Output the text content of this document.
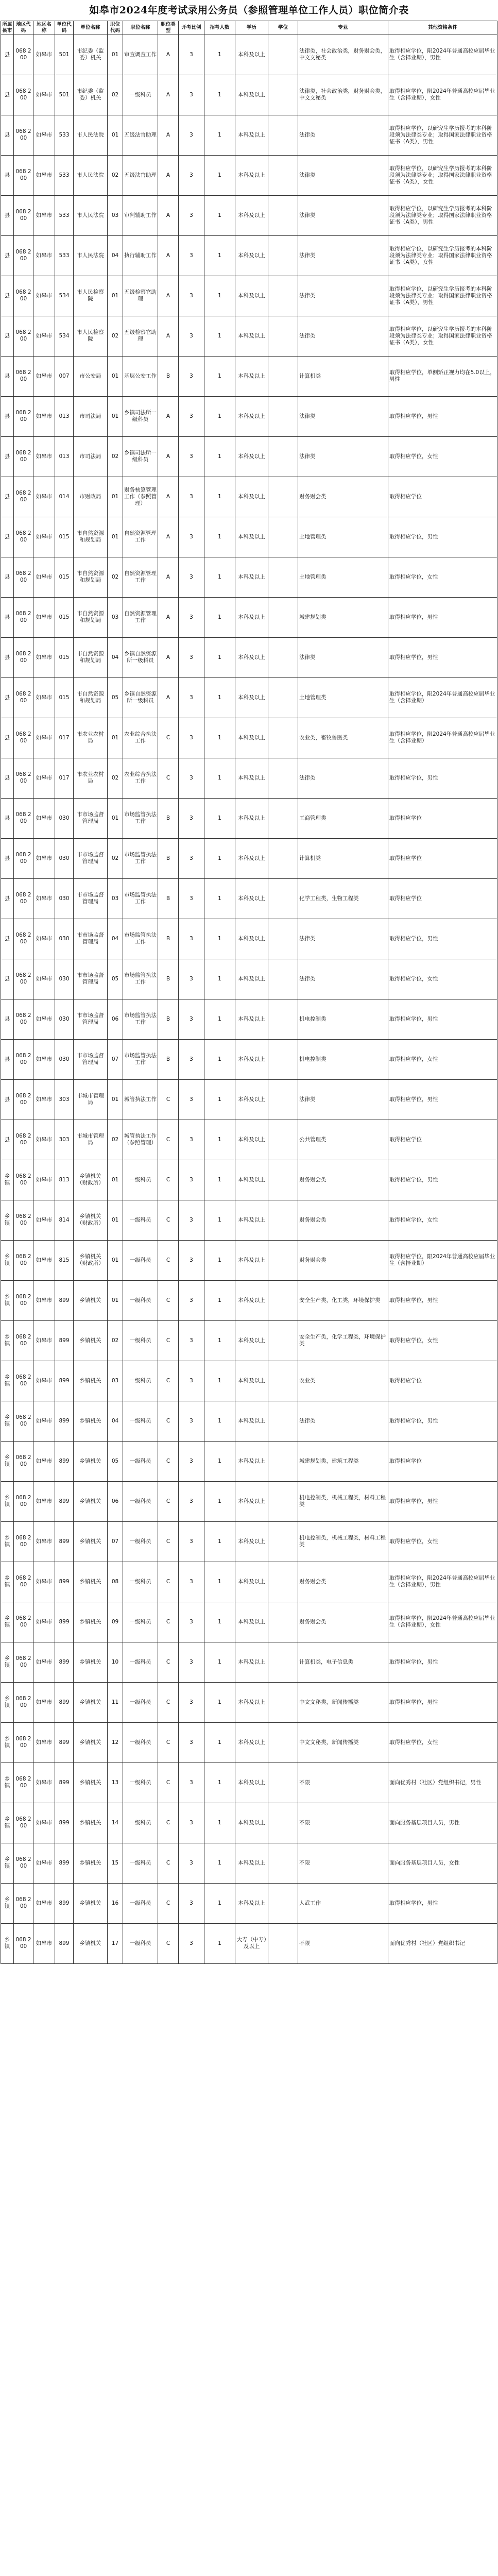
如皋市2024年度考试录用公务员（参照管理单位工作人员）职位简介表
所属县市	地区代码	地区名称	单位代码	单位名称	职位代码	职位名称	职位类型	开考比例	招考人数	学历	学位	专业	其他资格条件
县	068 200	如皋市	501	市纪委（监委）机关	01	审查调查工作	A	3	1	本科及以上		法律类，社会政治类，财务财会类，中文文秘类	取得相应学位，限2024年普通高校应届毕业生（含择业期），男性
县	068 200	如皋市	501	市纪委（监委）机关	02	一级科员	A	3	1	本科及以上		法律类，社会政治类，财务财会类，中文文秘类	取得相应学位，限2024年普通高校应届毕业生（含择业期），女性
县	068 200	如皋市	533	市人民法院	01	五级法官助理	A	3	1	本科及以上		法律类	取得相应学位，以研究生学历报考的本科阶段须为法律类专业；取得国家法律职业资格证书（A类），男性
县	068 200	如皋市	533	市人民法院	02	五级法官助理	A	3	1	本科及以上		法律类	取得相应学位，以研究生学历报考的本科阶段须为法律类专业；取得国家法律职业资格证书（A类），女性
县	068 200	如皋市	533	市人民法院	03	审判辅助工作	A	3	1	本科及以上		法律类	取得相应学位，以研究生学历报考的本科阶段须为法律类专业；取得国家法律职业资格证书（A类），男性
县	068 200	如皋市	533	市人民法院	04	执行辅助工作	A	3	1	本科及以上		法律类	取得相应学位，以研究生学历报考的本科阶段须为法律类专业；取得国家法律职业资格证书（A类），女性
县	068 200	如皋市	534	市人民检察院	01	五级检察官助理	A	3	1	本科及以上		法律类	取得相应学位，以研究生学历报考的本科阶段须为法律类专业；取得国家法律职业资格证书（A类），男性
县	068 200	如皋市	534	市人民检察院	02	五级检察官助理	A	3	1	本科及以上		法律类	取得相应学位，以研究生学历报考的本科阶段须为法律类专业；取得国家法律职业资格证书（A类），女性
县	068 200	如皋市	007	市公安局	01	基层公安工作	B	3	1	本科及以上		计算机类	取得相应学位，单侧矫正视力均在5.0以上，男性
县	068 200	如皋市	013	市司法局	01	乡镇司法所一级科员	A	3	1	本科及以上		法律类	取得相应学位，男性
县	068 200	如皋市	013	市司法局	02	乡镇司法所一级科员	A	3	1	本科及以上		法律类	取得相应学位，女性
县	068 200	如皋市	014	市财政局	01	财务核算管理工作（参照管理）	A	3	1	本科及以上		财务财会类	取得相应学位
县	068 200	如皋市	015	市自然资源和规划局	01	自然资源管理工作	A	3	1	本科及以上		土地管理类	取得相应学位，男性
县	068 200	如皋市	015	市自然资源和规划局	02	自然资源管理工作	A	3	1	本科及以上		土地管理类	取得相应学位，女性
县	068 200	如皋市	015	市自然资源和规划局	03	自然资源管理工作	A	3	1	本科及以上		城建规划类	取得相应学位，男性
县	068 200	如皋市	015	市自然资源和规划局	04	乡镇自然资源所一级科员	A	3	1	本科及以上		法律类	取得相应学位，男性
县	068 200	如皋市	015	市自然资源和规划局	05	乡镇自然资源所一级科员	A	3	1	本科及以上		土地管理类	取得相应学位，限2024年普通高校应届毕业生（含择业期）
县	068 200	如皋市	017	市农业农村局	01	农业综合执法工作	C	3	1	本科及以上		农业类，畜牧兽医类	取得相应学位，限2024年普通高校应届毕业生（含择业期）
县	068 200	如皋市	017	市农业农村局	02	农业综合执法工作	C	3	1	本科及以上		法律类	取得相应学位，男性
县	068 200	如皋市	030	市市场监督管理局	01	市场监管执法工作	B	3	1	本科及以上		工商管理类	取得相应学位
县	068 200	如皋市	030	市市场监督管理局	02	市场监管执法工作	B	3	1	本科及以上		计算机类	取得相应学位
县	068 200	如皋市	030	市市场监督管理局	03	市场监管执法工作	B	3	1	本科及以上		化学工程类，生物工程类	取得相应学位
县	068 200	如皋市	030	市市场监督管理局	04	市场监管执法工作	B	3	1	本科及以上		法律类	取得相应学位，男性
县	068 200	如皋市	030	市市场监督管理局	05	市场监管执法工作	B	3	1	本科及以上		法律类	取得相应学位，女性
县	068 200	如皋市	030	市市场监督管理局	06	市场监管执法工作	B	3	1	本科及以上		机电控制类	取得相应学位，男性
县	068 200	如皋市	030	市市场监督管理局	07	市场监管执法工作	B	3	1	本科及以上		机电控制类	取得相应学位，女性
县	068 200	如皋市	303	市城市管理局	01	城管执法工作	C	3	1	本科及以上		法律类	取得相应学位，男性
县	068 200	如皋市	303	市城市管理局	02	城管执法工作（参照管理）	C	3	1	本科及以上		公共管理类	取得相应学位
乡镇	068 200	如皋市	813	乡镇机关（财政所）	01	一级科员	C	3	1	本科及以上		财务财会类	取得相应学位，男性
乡镇	068 200	如皋市	814	乡镇机关（财政所）	01	一级科员	C	3	1	本科及以上		财务财会类	取得相应学位，女性
乡镇	068 200	如皋市	815	乡镇机关（财政所）	01	一级科员	C	3	1	本科及以上		财务财会类	取得相应学位，限2024年普通高校应届毕业生（含择业期）
乡镇	068 200	如皋市	899	乡镇机关	01	一级科员	C	3	1	本科及以上		安全生产类，化工类，环境保护类	取得相应学位，男性
乡镇	068 200	如皋市	899	乡镇机关	02	一级科员	C	3	1	本科及以上		安全生产类，化学工程类，环境保护类	取得相应学位，女性
乡镇	068 200	如皋市	899	乡镇机关	03	一级科员	C	3	1	本科及以上		农业类	取得相应学位
乡镇	068 200	如皋市	899	乡镇机关	04	一级科员	C	3	1	本科及以上		法律类	取得相应学位，男性
乡镇	068 200	如皋市	899	乡镇机关	05	一级科员	C	3	1	本科及以上		城建规划类，建筑工程类	取得相应学位
乡镇	068 200	如皋市	899	乡镇机关	06	一级科员	C	3	1	本科及以上		机电控制类，机械工程类，材料工程类	取得相应学位，男性
乡镇	068 200	如皋市	899	乡镇机关	07	一级科员	C	3	1	本科及以上		机电控制类，机械工程类，材料工程类	取得相应学位，女性
乡镇	068 200	如皋市	899	乡镇机关	08	一级科员	C	3	1	本科及以上		财务财会类	取得相应学位，限2024年普通高校应届毕业生（含择业期），男性
乡镇	068 200	如皋市	899	乡镇机关	09	一级科员	C	3	1	本科及以上		财务财会类	取得相应学位，限2024年普通高校应届毕业生（含择业期），女性
乡镇	068 200	如皋市	899	乡镇机关	10	一级科员	C	3	1	本科及以上		计算机类，电子信息类	取得相应学位，男性
乡镇	068 200	如皋市	899	乡镇机关	11	一级科员	C	3	1	本科及以上		中文文秘类，新闻传播类	取得相应学位，男性
乡镇	068 200	如皋市	899	乡镇机关	12	一级科员	C	3	1	本科及以上		中文文秘类，新闻传播类	取得相应学位，女性
乡镇	068 200	如皋市	899	乡镇机关	13	一级科员	C	3	1	本科及以上		不限	面向优秀村（社区）党组织书记，男性
乡镇	068 200	如皋市	899	乡镇机关	14	一级科员	C	3	1	本科及以上		不限	面向服务基层项目人员，男性
乡镇	068 200	如皋市	899	乡镇机关	15	一级科员	C	3	1	本科及以上		不限	面向服务基层项目人员，女性
乡镇	068 200	如皋市	899	乡镇机关	16	一级科员	C	3	1	本科及以上		人武工作	取得相应学位，男性
乡镇	068 200	如皋市	899	乡镇机关	17	一级科员	C	3	1	大专（中专）及以上		不限	面向优秀村（社区）党组织书记
